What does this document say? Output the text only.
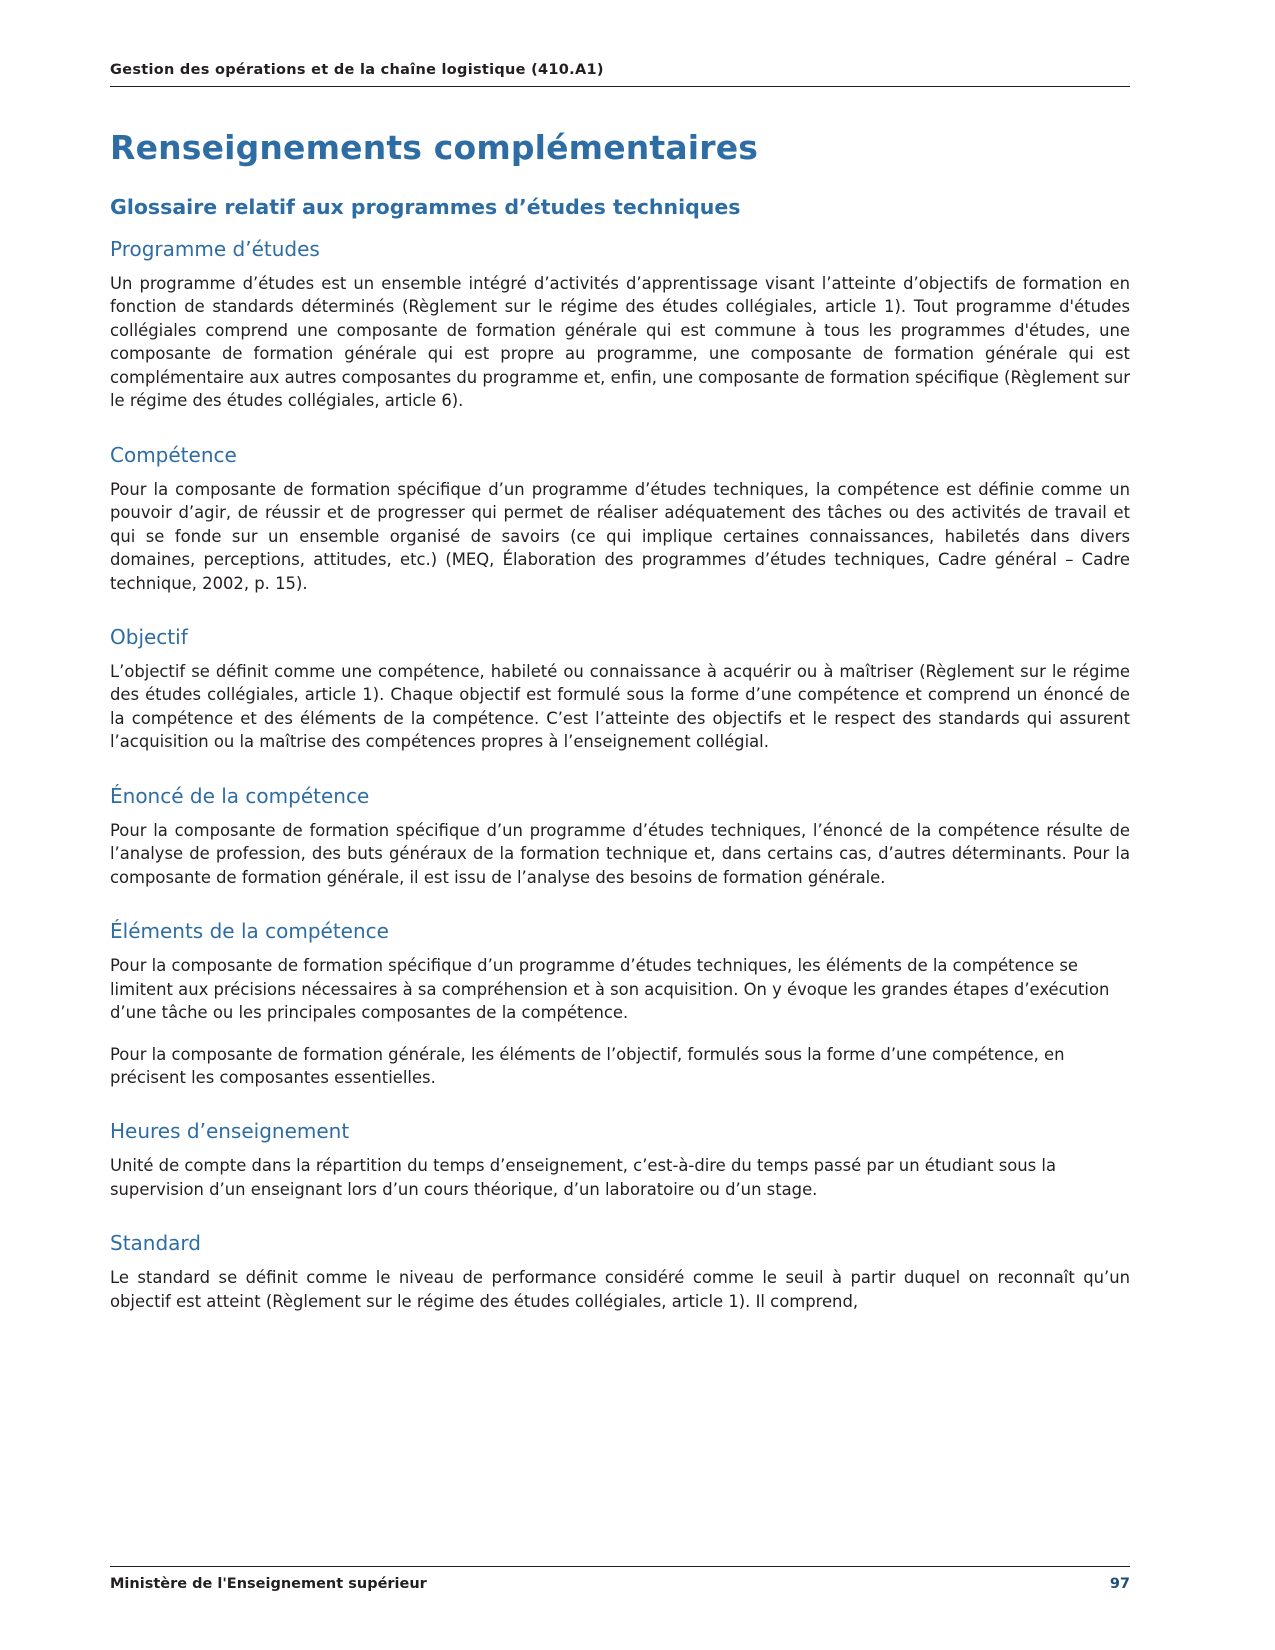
Gestion des opérations et de la chaîne logistique (410.A1)
Renseignements complémentaires
Glossaire relatif aux programmes d’études techniques
Programme d’études

Un programme d’études est un ensemble intégré d’activités d’apprentissage visant l’atteinte d’objectifs de formation en fonction de standards déterminés (Règlement sur le régime des études collégiales, article 1). Tout programme d'études collégiales comprend une composante de formation générale qui est commune à tous les programmes d'études, une composante de formation générale qui est propre au programme, une composante de formation générale qui est complémentaire aux autres composantes du programme et, enfin, une composante de formation spécifique (Règlement sur le régime des études collégiales, article 6).

Compétence

Pour la composante de formation spécifique d’un programme d’études techniques, la compétence est définie comme un pouvoir d’agir, de réussir et de progresser qui permet de réaliser adéquatement des tâches ou des activités de travail et qui se fonde sur un ensemble organisé de savoirs (ce qui implique certaines connaissances, habiletés dans divers domaines, perceptions, attitudes, etc.) (MEQ, Élaboration des programmes d’études techniques, Cadre général – Cadre technique, 2002, p. 15).

Objectif

L’objectif se définit comme une compétence, habileté ou connaissance à acquérir ou à maîtriser (Règlement sur le régime des études collégiales, article 1). Chaque objectif est formulé sous la forme d’une compétence et comprend un énoncé de la compétence et des éléments de la compétence. C’est l’atteinte des objectifs et le respect des standards qui assurent l’acquisition ou la maîtrise des compétences propres à l’enseignement collégial.

Énoncé de la compétence

Pour la composante de formation spécifique d’un programme d’études techniques, l’énoncé de la compétence résulte de l’analyse de profession, des buts généraux de la formation technique et, dans certains cas, d’autres déterminants. Pour la composante de formation générale, il est issu de l’analyse des besoins de formation générale.

Éléments de la compétence

Pour la composante de formation spécifique d’un programme d’études techniques, les éléments de la compétence se limitent aux précisions nécessaires à sa compréhension et à son acquisition. On y évoque les grandes étapes d’exécution d’une tâche ou les principales composantes de la compétence.

Pour la composante de formation générale, les éléments de l’objectif, formulés sous la forme d’une compétence, en précisent les composantes essentielles.

Heures d’enseignement

Unité de compte dans la répartition du temps d’enseignement, c’est-à-dire du temps passé par un étudiant sous la supervision d’un enseignant lors d’un cours théorique, d’un laboratoire ou d’un stage.

Standard

Le standard se définit comme le niveau de performance considéré comme le seuil à partir duquel on reconnaît qu’un objectif est atteint (Règlement sur le régime des études collégiales, article 1). Il comprend,

Ministère de l'Enseignement supérieur	97
